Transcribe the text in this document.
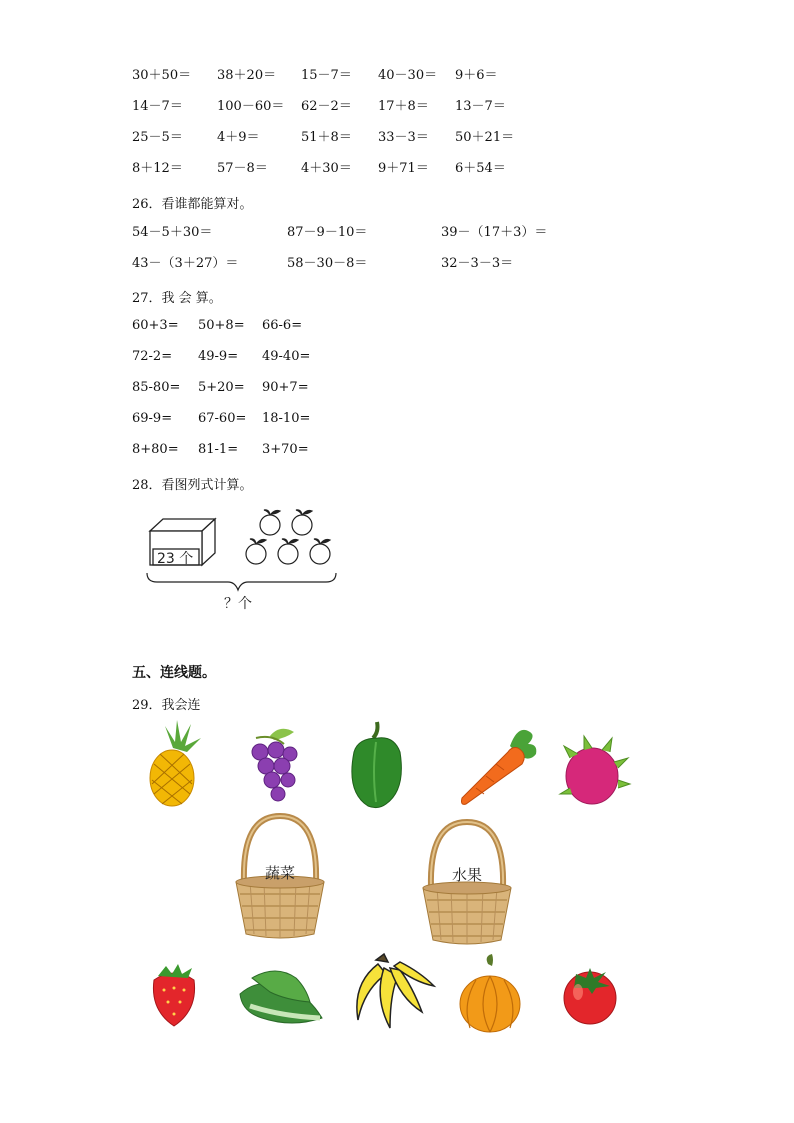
30＋50＝ 38＋20＝ 15－7＝ 40－30＝ 9＋6＝
14－7＝	100－60＝ 62－2＝ 17＋8＝ 13－7＝
25－5＝	4＋9＝	51＋8＝ 33－3＝ 50＋21＝
8＋12＝	57－8＝	4＋30＝ 9＋71＝ 6＋54＝
26．看谁都能算对。
54－5＋30＝	87－9－10＝	39－（17＋3）＝
43－（3＋27）＝	58－30－8＝	32－3－3＝
27．我 会 算。
60+3= 50+8= 66-6=
72-2= 49-9= 49-40=
85-80= 5+20= 90+7=
69-9= 67-60= 18-10=
8+80= 81-1= 3+70=
28．看图列式计算。
23 个
？个
五、连线题。
29．我会连
蔬菜	水果
